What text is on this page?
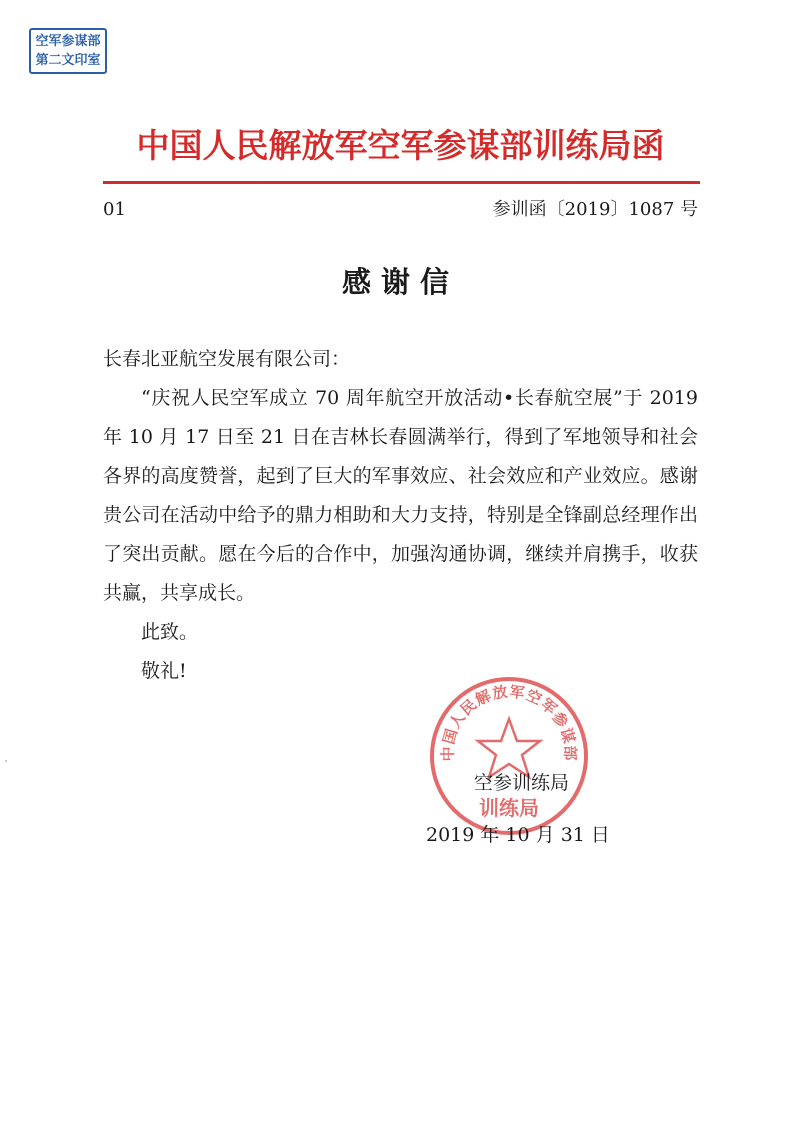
空军参谋部
第二文印室
中国人民解放军空军参谋部训练局函
01	参训函〔2019〕1087 号
感谢信

长春北亚航空发展有限公司：

“庆祝人民空军成立 70 周年航空开放活动•长春航空展”于 2019 年 10 月 17 日至 21 日在吉林长春圆满举行，得到了军地领导和社会各界的高度赞誉，起到了巨大的军事效应、社会效应和产业效应。感谢贵公司在活动中给予的鼎力相助和大力支持，特别是全锋副总经理作出了突出贡献。愿在今后的合作中，加强沟通协调，继续并肩携手，收获共赢，共享成长。

此致。

敬礼!

中国人民解放军空军参谋部
训练局
空参训练局
2019 年 10 月 31 日
